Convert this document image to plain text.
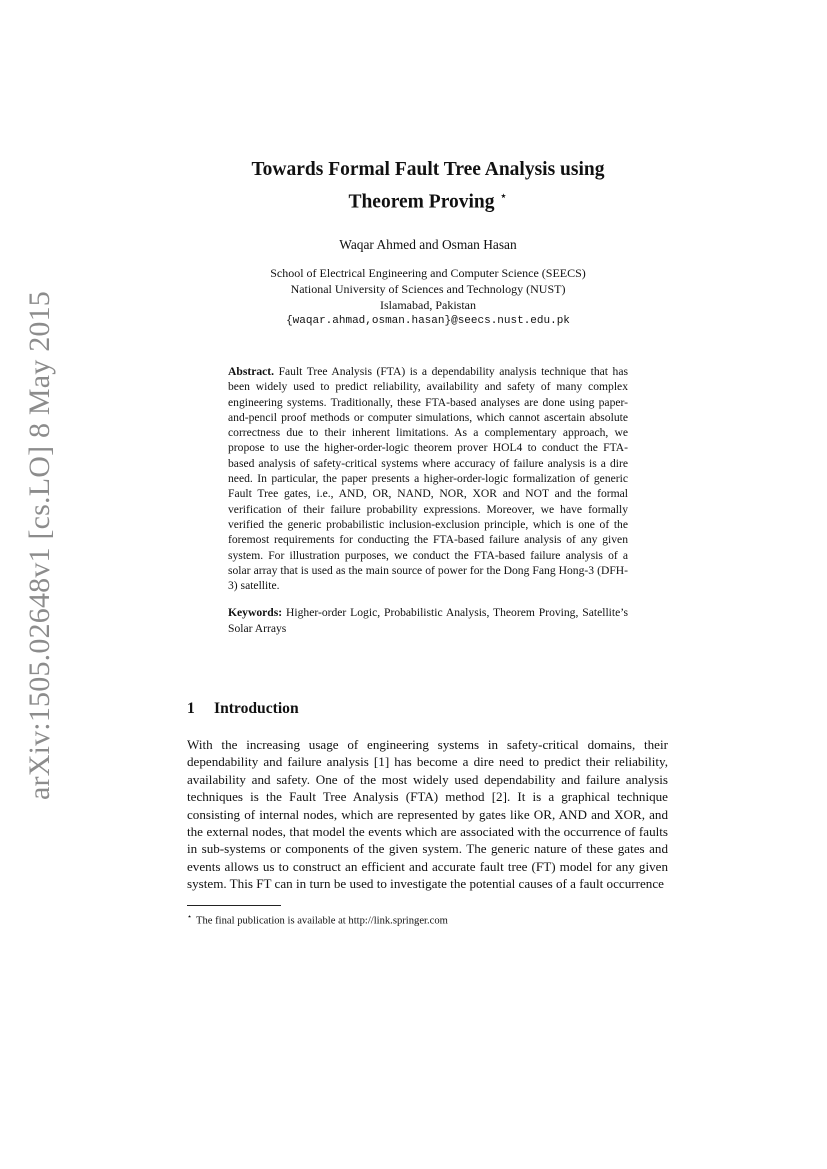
arXiv:1505.02648v1 [cs.LO] 8 May 2015
Towards Formal Fault Tree Analysis using
Theorem Proving ⋆
Waqar Ahmed and Osman Hasan
School of Electrical Engineering and Computer Science (SEECS)
National University of Sciences and Technology (NUST)
Islamabad, Pakistan
{waqar.ahmad,osman.hasan}@seecs.nust.edu.pk

Abstract. Fault Tree Analysis (FTA) is a dependability analysis technique that has been widely used to predict reliability, availability and safety of many complex engineering systems. Traditionally, these FTA-based analyses are done using paper-and-pencil proof methods or computer simulations, which cannot ascertain absolute correctness due to their inherent limitations. As a complementary approach, we propose to use the higher-order-logic theorem prover HOL4 to conduct the FTA-based analysis of safety-critical systems where accuracy of failure analysis is a dire need. In particular, the paper presents a higher-order-logic formalization of generic Fault Tree gates, i.e., AND, OR, NAND, NOR, XOR and NOT and the formal verification of their failure probability expressions. Moreover, we have formally verified the generic probabilistic inclusion-exclusion principle, which is one of the foremost requirements for conducting the FTA-based failure analysis of any given system. For illustration purposes, we conduct the FTA-based failure analysis of a solar array that is used as the main source of power for the Dong Fang Hong-3 (DFH-3) satellite.

Keywords: Higher-order Logic, Probabilistic Analysis, Theorem Proving, Satellite’s Solar Arrays

1 Introduction

With the increasing usage of engineering systems in safety-critical domains, their dependability and failure analysis [1] has become a dire need to predict their reliability, availability and safety. One of the most widely used dependability and failure analysis techniques is the Fault Tree Analysis (FTA) method [2]. It is a graphical technique consisting of internal nodes, which are represented by gates like OR, AND and XOR, and the external nodes, that model the events which are associated with the occurrence of faults in sub-systems or components of the given system. The generic nature of these gates and events allows us to construct an efficient and accurate fault tree (FT) model for any given system. This FT can in turn be used to investigate the potential causes of a fault occurrence

⋆ The final publication is available at http://link.springer.com
